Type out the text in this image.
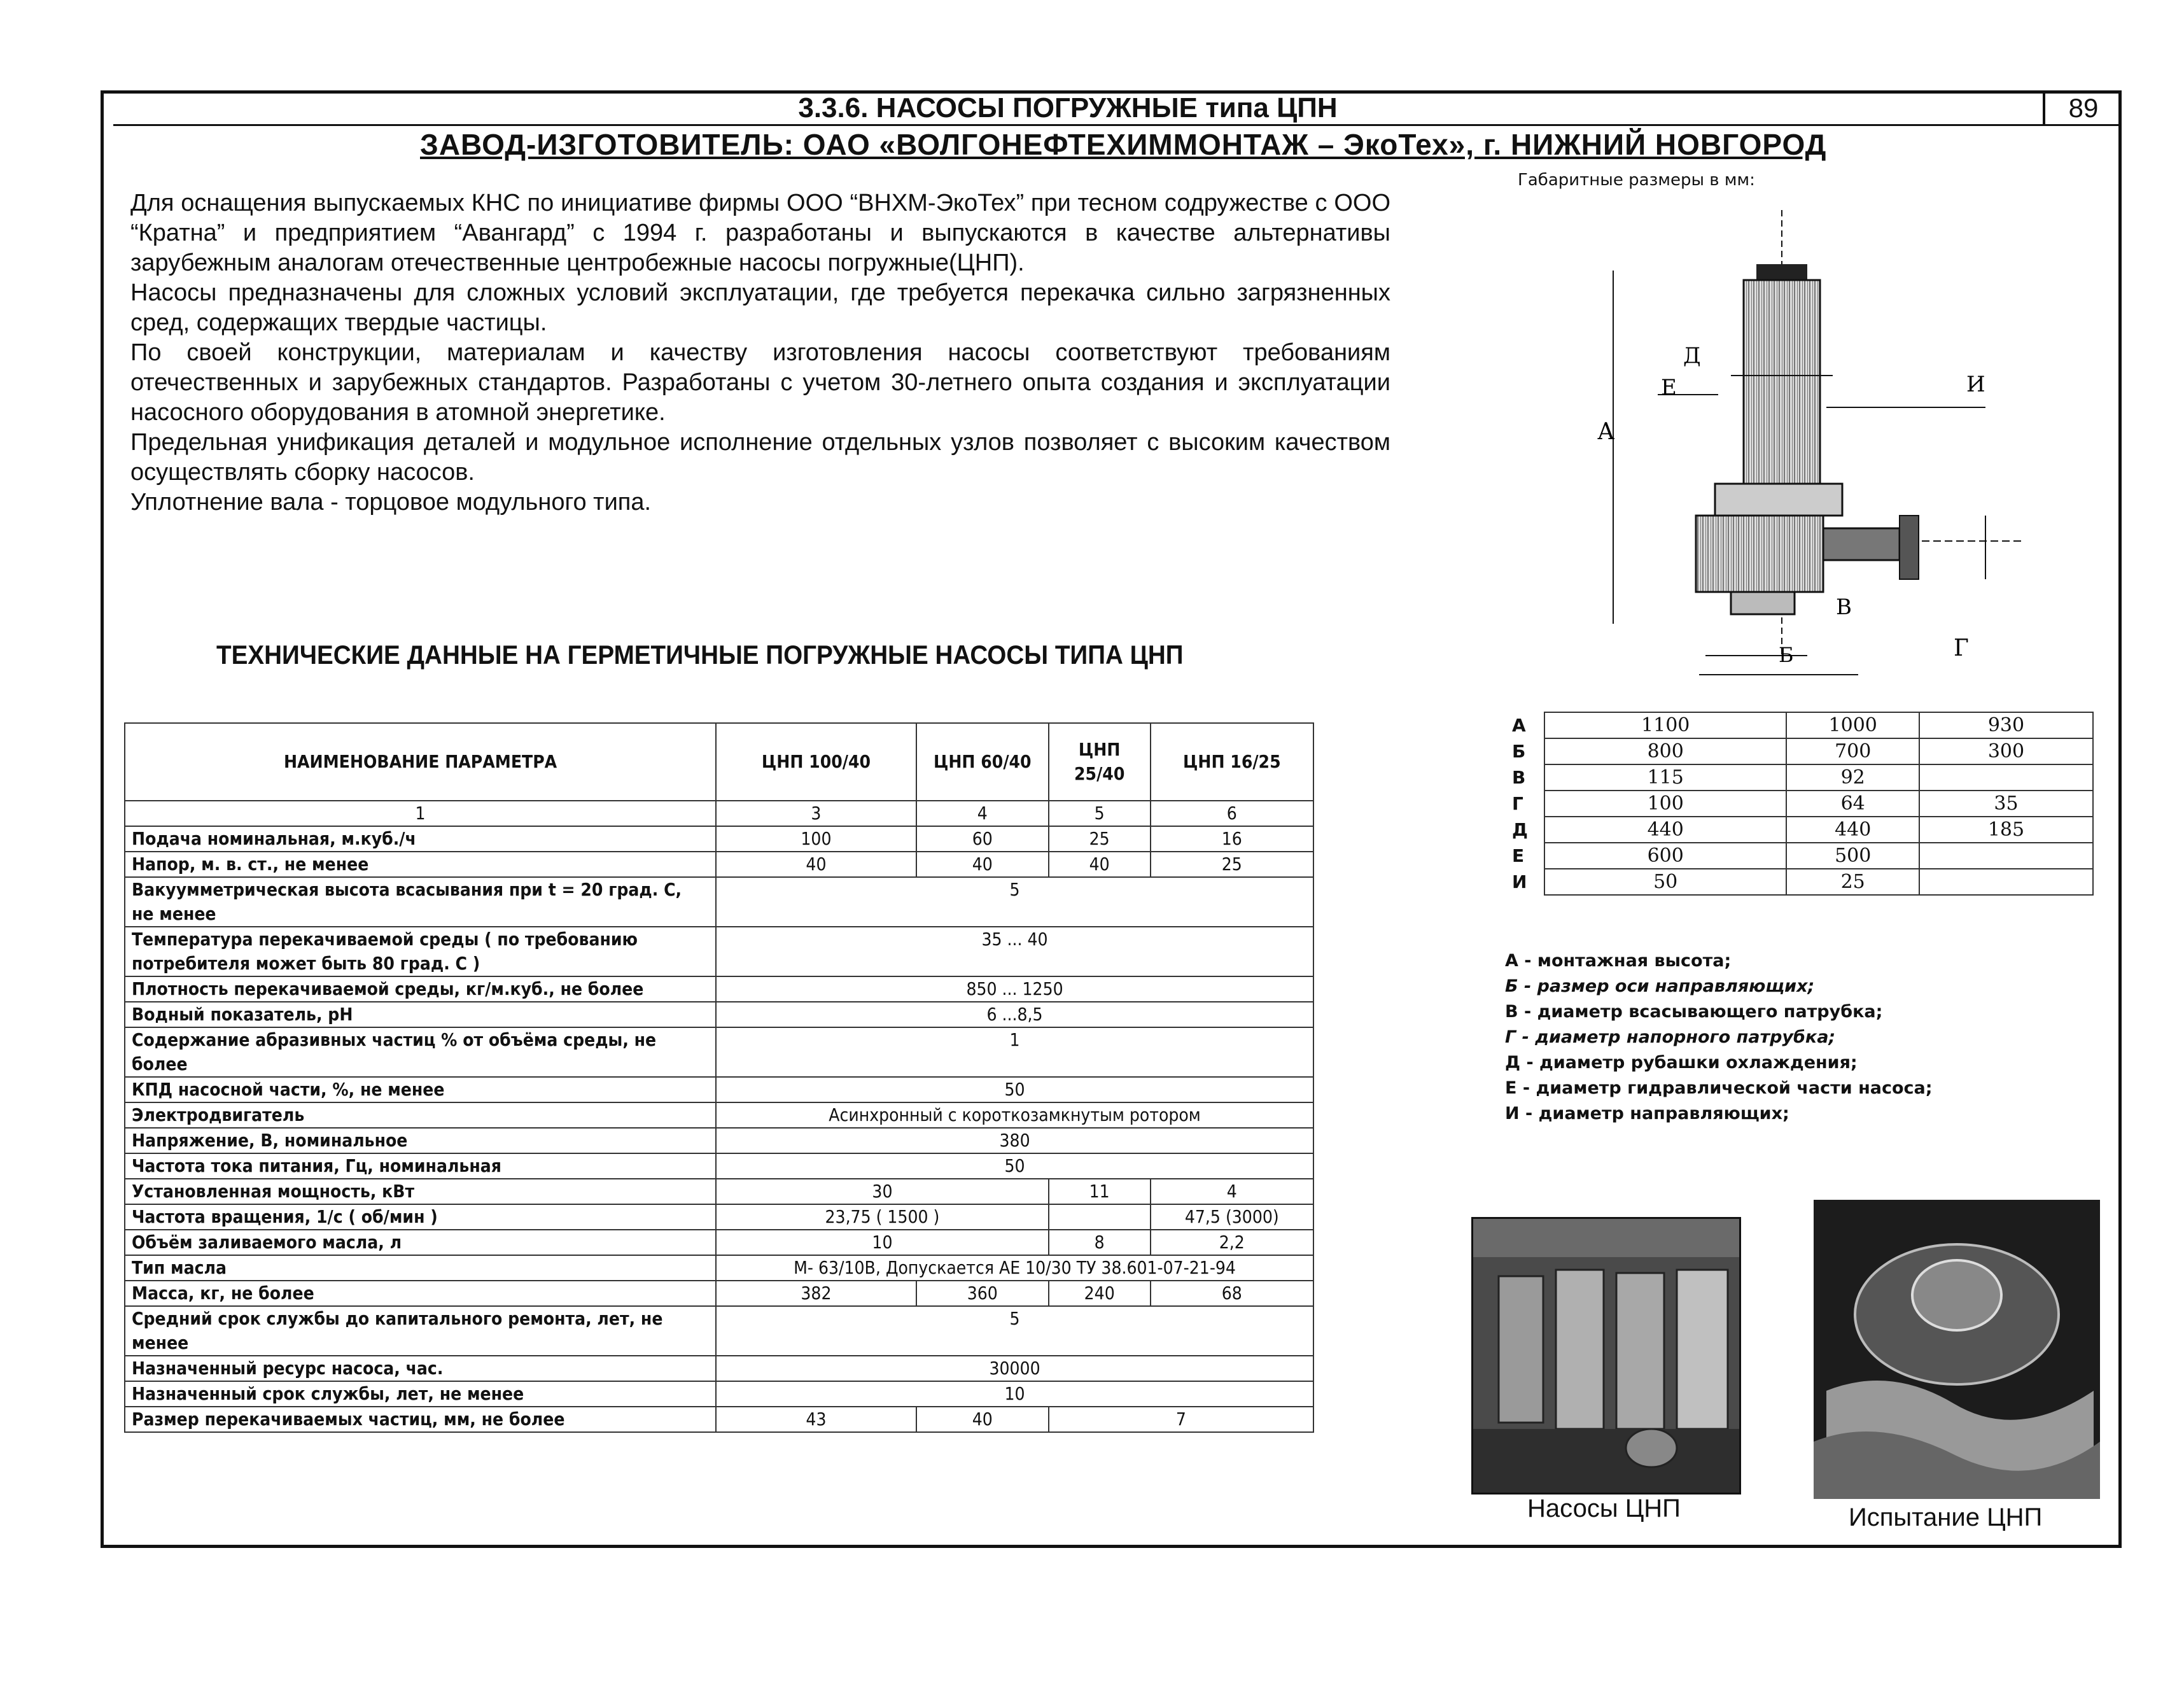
3.3.6. НАСОСЫ ПОГРУЖНЫЕ типа ЦПН	89
ЗАВОД-ИЗГОТОВИТЕЛЬ: ОАО «ВОЛГОНЕФТЕХИММОНТАЖ – ЭкоТех», г. НИЖНИЙ НОВГОРОД

Для оснащения выпускаемых КНС по инициативе фирмы ООО “ВНХМ-ЭкоТех” при тесном содружестве с ООО “Кратна” и предприятием “Авангард” с 1994 г. разработаны и выпускаются в качестве альтернативы зарубежным аналогам отечественные центробежные насосы погружные(ЦНП).

Насосы предназначены для сложных условий эксплуатации, где требуется перекачка сильно загрязненных сред, содержащих твердые частицы.

По своей конструкции, материалам и качеству изготовления насосы соответствуют требованиям отечественных и зарубежных стандартов. Разработаны с учетом 30-летнего опыта создания и эксплуатации насосного оборудования в атомной энергетике.

Предельная унификация деталей и модульное исполнение отдельных узлов позволяет с высоким качеством осуществлять сборку насосов.

Уплотнение вала - торцовое модульного типа.

ТЕХНИЧЕСКИЕ ДАННЫЕ НА ГЕРМЕТИЧНЫЕ ПОГРУЖНЫЕ НАСОСЫ ТИПА ЦНП
НАИМЕНОВАНИЕ ПАРАМЕТРА	ЦНП 100/40	ЦНП 60/40	ЦНП 25/40	ЦНП 16/25
1	3	4	5	6
Подача номинальная, м.куб./ч	100	60	25	16
Напор, м. в. ст., не менее	40	40	40	25
Вакуумметрическая высота всасывания при t = 20 град. С, не менее	5			
Температура перекачиваемой среды ( по требованию потребителя может быть 80 град. С )	35 ... 40			
Плотность перекачиваемой среды, кг/м.куб., не более	850 ... 1250			
Водный показатель, pH	6 ...8,5			
Содержание абразивных частиц % от объёма среды, не более	1			
КПД насосной части, %, не менее	50			
Электродвигатель	Асинхронный с короткозамкнутым ротором			
Напряжение, В, номинальное	380			
Частота тока питания, Гц, номинальная	50			
Установленная мощность, кВт	30		11	4
Частота вращения, 1/с ( об/мин )	23,75 ( 1500 )			47,5 (3000)
Объём заливаемого масла, л	10		8	2,2
Тип масла	М- 63/10В, Допускается АЕ 10/30 ТУ 38.601-07-21-94			
Масса, кг, не более	382	360	240	68
Средний срок службы до капитального ремонта, лет, не менее	5			
Назначенный ресурс насоса, час.	30000			
Назначенный срок службы, лет, не менее	10			
Размер перекачиваемых частиц, мм, не более	43	40	7	
Габаритные размеры в мм:
А
Е
Д
И
Г
Б
В
А	1100	1000	930
Б	800	700	300
В	115	92	
Г	100	64	35
Д	440	440	185
Е	600	500	
И	50	25	
А - монтажная высота;
Б - размер оси направляющих;
В - диаметр всасывающего патрубка;
Г - диаметр напорного патрубка;
Д - диаметр рубашки охлаждения;
Е - диаметр гидравлической части насоса;
И - диаметр направляющих;
Насосы ЦНП	Испытание ЦНП
